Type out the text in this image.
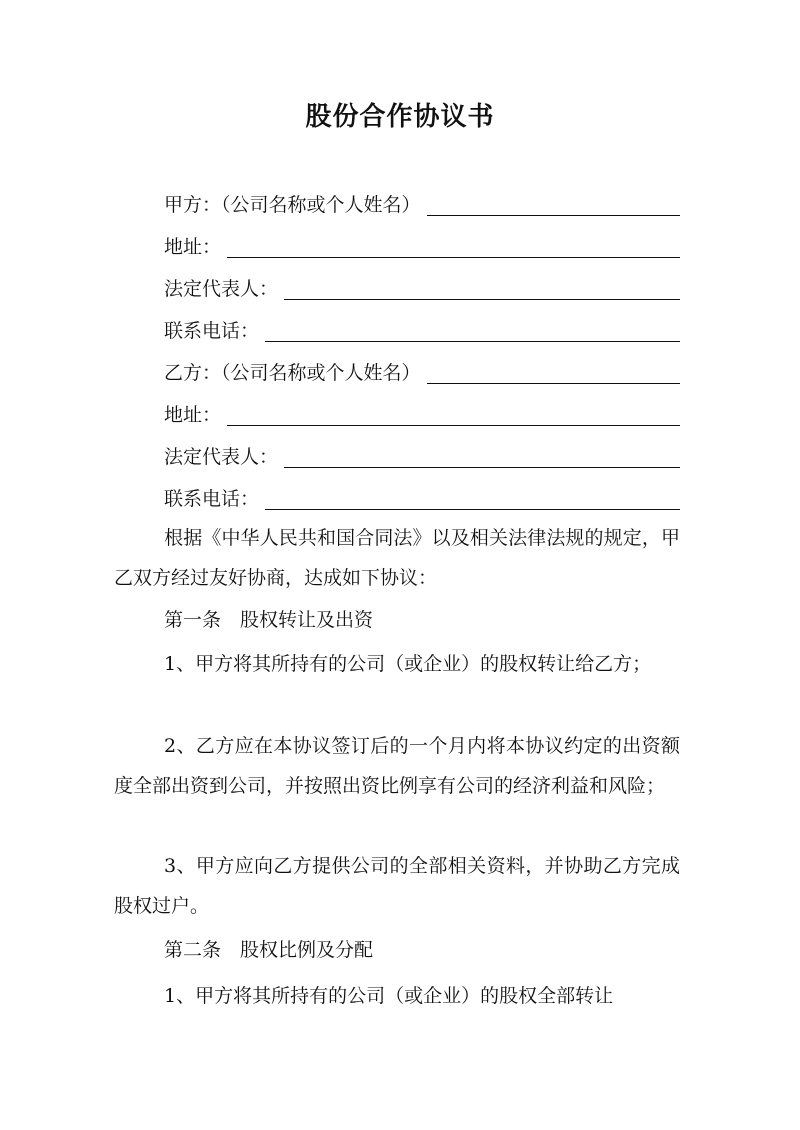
股份合作协议书
甲方：（公司名称或个人姓名）
地址：
法定代表人：
联系电话：
乙方：（公司名称或个人姓名）
地址：
法定代表人：
联系电话：
根据《中华人民共和国合同法》以及相关法律法规的规定，甲乙双方经过友好协商，达成如下协议：
第一条　股权转让及出资
1、甲方将其所持有的公司（或企业）的股权转让给乙方；
2、乙方应在本协议签订后的一个月内将本协议约定的出资额度全部出资到公司，并按照出资比例享有公司的经济利益和风险；
3、甲方应向乙方提供公司的全部相关资料，并协助乙方完成股权过户。
第二条　股权比例及分配
1、甲方将其所持有的公司（或企业）的股权全部转让
